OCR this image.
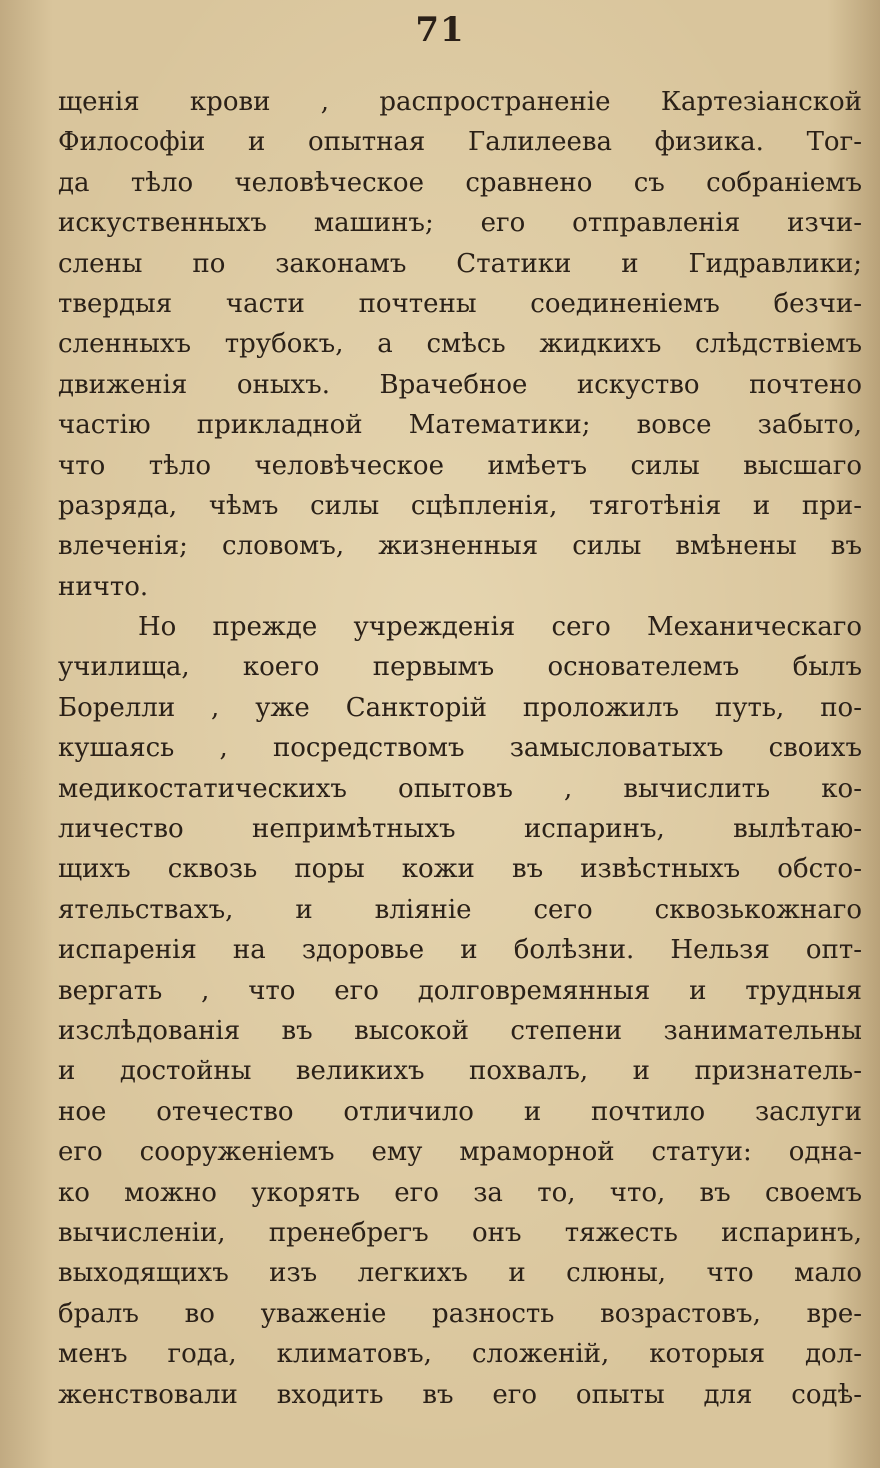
71
щенія крови , распространеніе Картезіанской
Философіи и опытная Галилеева физика. Тог-
да тѣло человѣческое сравнено съ собраніемъ
искуственныхъ машинъ; его отправленія изчи-
слены по законамъ Статики и Гидравлики;
твердыя части почтены соединеніемъ безчи-
сленныхъ трубокъ, а смѣсь жидкихъ слѣдствіемъ
движенія оныхъ. Врачебное искуство почтено
частію прикладной Математики; вовсе забыто,
что тѣло человѣческое имѣетъ силы высшаго
разряда, чѣмъ силы сцѣпленія, тяготѣнія и при-
влеченія; словомъ, жизненныя силы вмѣнены въ
ничто.
Но прежде учрежденія сего Механическаго
училища, коего первымъ основателемъ былъ
Борелли , уже Санкторій проложилъ путь, по-
кушаясь , посредствомъ замысловатыхъ своихъ
медикостатическихъ опытовъ , вычислить ко-
личество непримѣтныхъ испаринъ, вылѣтаю-
щихъ сквозь поры кожи въ извѣстныхъ обсто-
ятельствахъ, и вліяніе сего сквозькожнаго
испаренія на здоровье и болѣзни. Нельзя опт-
вергать , что его долговремянныя и трудныя
изслѣдованія въ высокой степени занимательны
и достойны великихъ похвалъ, и признатель-
ное отечество отличило и почтило заслуги
его сооруженіемъ ему мраморной статуи: одна-
ко можно укорять его за то, что, въ своемъ
вычисленіи, пренебрегъ онъ тяжесть испаринъ,
выходящихъ изъ легкихъ и слюны, что мало
бралъ во уваженіе разность возрастовъ, вре-
менъ года, климатовъ, сложеній, которыя дол-
женствовали входить въ его опыты для содѣ-
